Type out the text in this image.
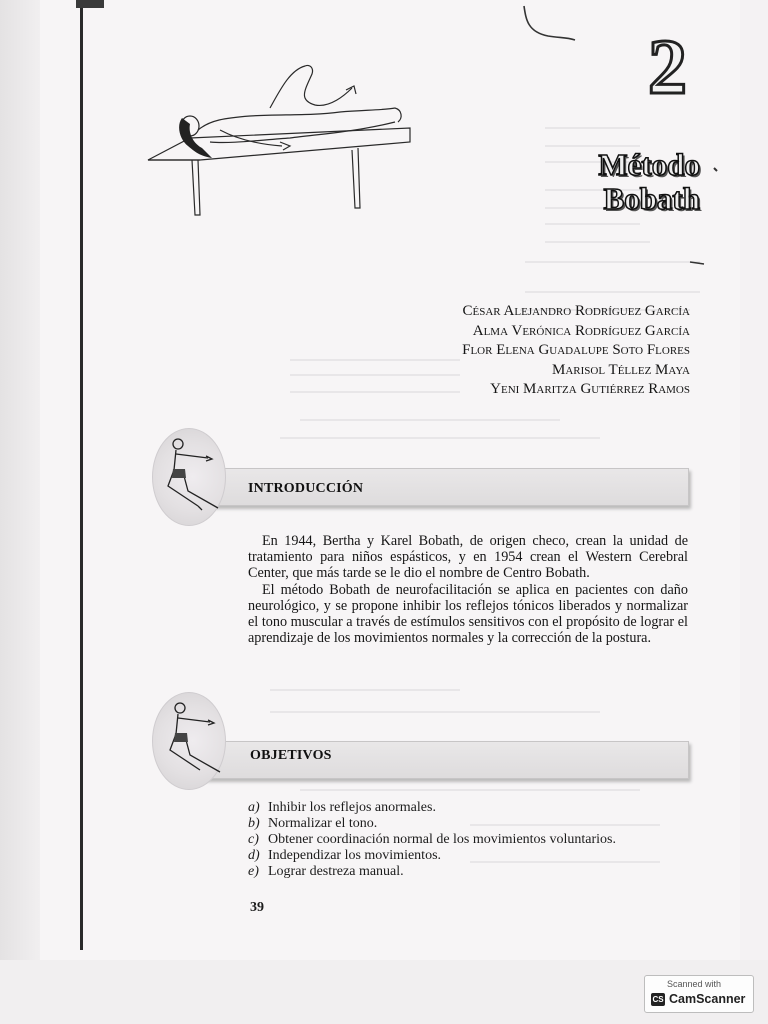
2
Método
Bobath
César Alejandro Rodríguez García
Alma Verónica Rodríguez García
Flor Elena Guadalupe Soto Flores
Marisol Téllez Maya
Yeni Maritza Gutiérrez Ramos
INTRODUCCIÓN

En 1944, Bertha y Karel Bobath, de origen checo, crean la unidad de tratamiento para niños espásticos, y en 1954 crean el Western Cerebral Center, que más tarde se le dio el nombre de Centro Bobath.

El método Bobath de neurofacilitación se aplica en pacientes con daño neurológico, y se propone inhibir los reflejos tónicos liberados y normalizar el tono muscular a través de estímulos sensitivos con el propósito de lograr el aprendizaje de los movimientos normales y la corrección de la postura.

OBJETIVOS
a) Inhibir los reflejos anormales.
b) Normalizar el tono.
c) Obtener coordinación normal de los movimientos voluntarios.
d) Independizar los movimientos.
e) Lograr destreza manual.
39
Scanned with
CS CamScanner
